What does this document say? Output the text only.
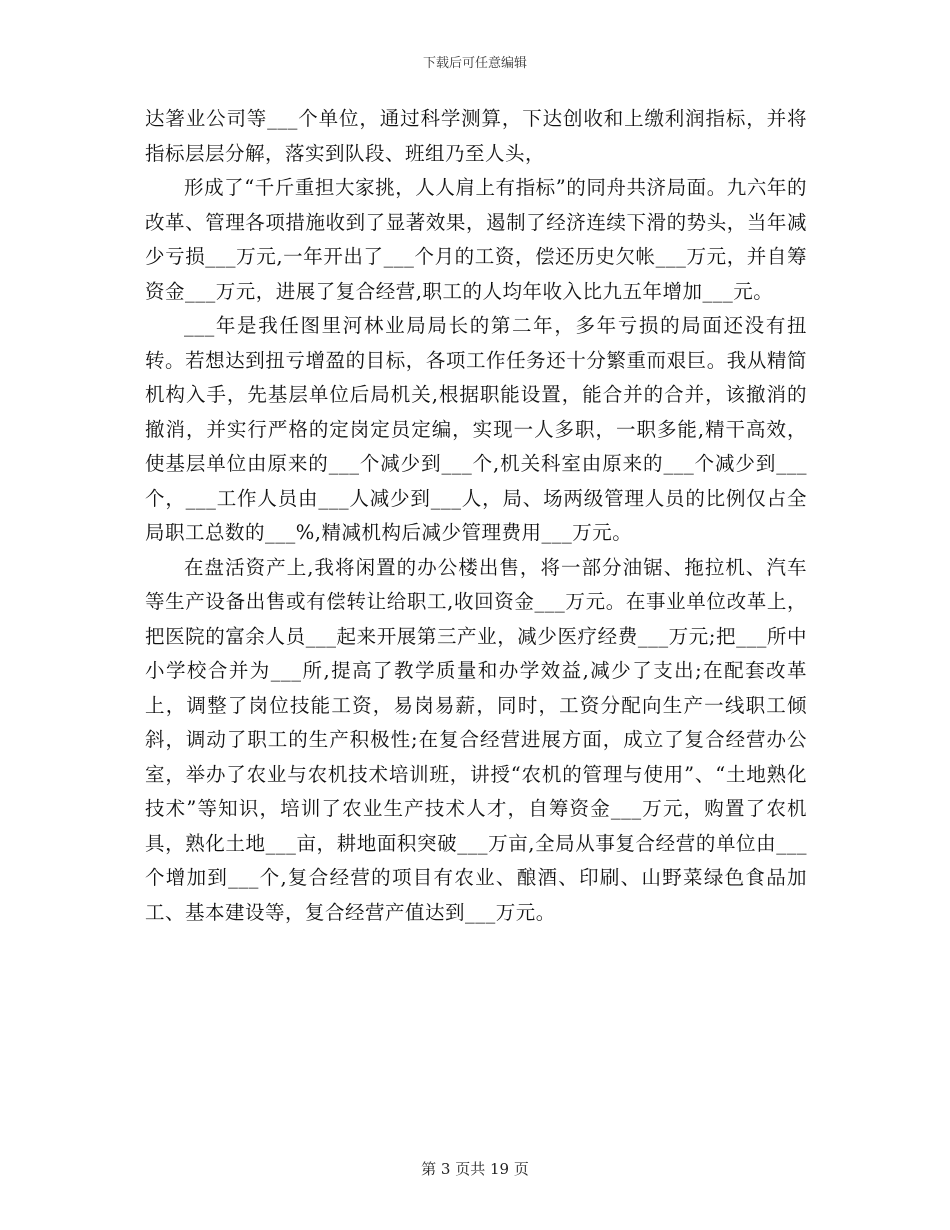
下载后可任意编辑

达箸业公司等___个单位，通过科学测算，下达创收和上缴利润指标，并将指标层层分解，落实到队段、班组乃至人头，

形成了“千斤重担大家挑，人人肩上有指标”的同舟共济局面。九六年的改革、管理各项措施收到了显著效果，遏制了经济连续下滑的势头，当年减少亏损___万元,一年开出了___个月的工资，偿还历史欠帐___万元，并自筹资金___万元，进展了复合经营,职工的人均年收入比九五年增加___元。

___年是我任图里河林业局局长的第二年，多年亏损的局面还没有扭转。若想达到扭亏增盈的目标，各项工作任务还十分繁重而艰巨。我从精简机构入手，先基层单位后局机关,根据职能设置，能合并的合并，该撤消的撤消，并实行严格的定岗定员定编，实现一人多职，一职多能,精干高效，使基层单位由原来的___个减少到___个,机关科室由原来的___个减少到___个，___工作人员由___人减少到___人，局、场两级管理人员的比例仅占全局职工总数的___%,精减机构后减少管理费用___万元。

在盘活资产上,我将闲置的办公楼出售，将一部分油锯、拖拉机、汽车等生产设备出售或有偿转让给职工,收回资金___万元。在事业单位改革上，把医院的富余人员___起来开展第三产业，减少医疗经费___万元;把___所中小学校合并为___所,提高了教学质量和办学效益,减少了支出;在配套改革上，调整了岗位技能工资，易岗易薪，同时，工资分配向生产一线职工倾斜，调动了职工的生产积极性;在复合经营进展方面，成立了复合经营办公室，举办了农业与农机技术培训班，讲授“农机的管理与使用”、“土地熟化技术”等知识，培训了农业生产技术人才，自筹资金___万元，购置了农机具，熟化土地___亩，耕地面积突破___万亩,全局从事复合经营的单位由___个增加到___个,复合经营的项目有农业、酿酒、印刷、山野菜绿色食品加工、基本建设等，复合经营产值达到___万元。

第 3 页共 19 页
